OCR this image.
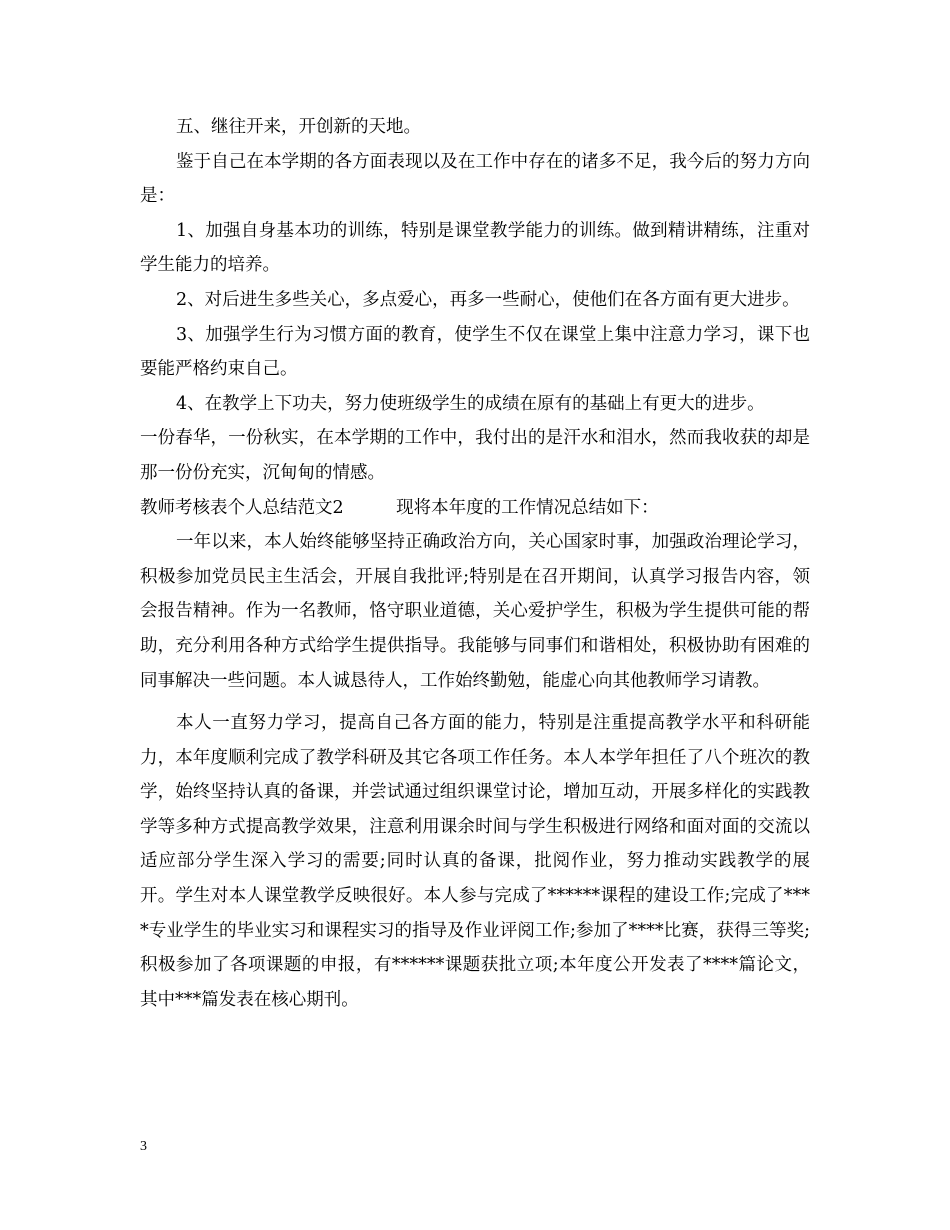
五、继往开来，开创新的天地。

鉴于自己在本学期的各方面表现以及在工作中存在的诸多不足，我今后的努力方向是：

1、加强自身基本功的训练，特别是课堂教学能力的训练。做到精讲精练，注重对学生能力的培养。

2、对后进生多些关心，多点爱心，再多一些耐心，使他们在各方面有更大进步。

3、加强学生行为习惯方面的教育，使学生不仅在课堂上集中注意力学习，课下也要能严格约束自己。

4、在教学上下功夫，努力使班级学生的成绩在原有的基础上有更大的进步。

一份春华，一份秋实，在本学期的工作中，我付出的是汗水和泪水，然而我收获的却是那一份份充实，沉甸甸的情感。

教师考核表个人总结范文2　　　现将本年度的工作情况总结如下：

一年以来，本人始终能够坚持正确政治方向，关心国家时事，加强政治理论学习，积极参加党员民主生活会，开展自我批评;特别是在召开期间，认真学习报告内容，领会报告精神。作为一名教师，恪守职业道德，关心爱护学生，积极为学生提供可能的帮助，充分利用各种方式给学生提供指导。我能够与同事们和谐相处，积极协助有困难的同事解决一些问题。本人诚恳待人，工作始终勤勉，能虚心向其他教师学习请教。

本人一直努力学习，提高自己各方面的能力，特别是注重提高教学水平和科研能力，本年度顺利完成了教学科研及其它各项工作任务。本人本学年担任了八个班次的教学，始终坚持认真的备课，并尝试通过组织课堂讨论，增加互动，开展多样化的实践教学等多种方式提高教学效果，注意利用课余时间与学生积极进行网络和面对面的交流以适应部分学生深入学习的需要;同时认真的备课，批阅作业，努力推动实践教学的展开。学生对本人课堂教学反映很好。本人参与完成了******课程的建设工作;完成了****专业学生的毕业实习和课程实习的指导及作业评阅工作;参加了****比赛，获得三等奖;积极参加了各项课题的申报，有******课题获批立项;本年度公开发表了****篇论文，其中***篇发表在核心期刊。

3
